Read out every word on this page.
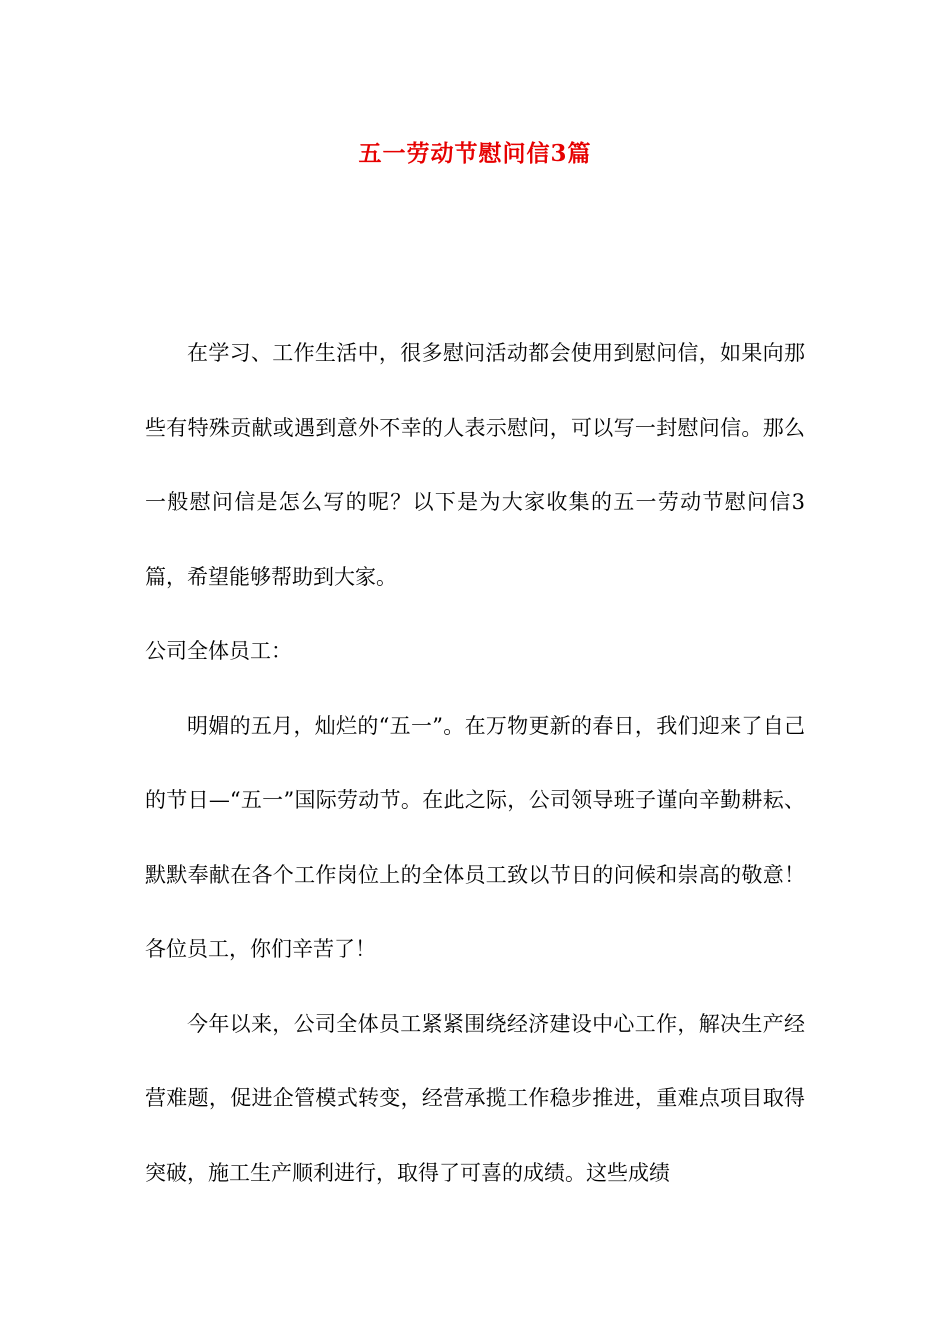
五一劳动节慰问信3篇

在学习、工作生活中，很多慰问活动都会使用到慰问信，如果向那些有特殊贡献或遇到意外不幸的人表示慰问，可以写一封慰问信。那么一般慰问信是怎么写的呢？以下是为大家收集的五一劳动节慰问信3篇，希望能够帮助到大家。

公司全体员工：

明媚的五月，灿烂的“五一”。在万物更新的春日，我们迎来了自己的节日—“五一”国际劳动节。在此之际，公司领导班子谨向辛勤耕耘、默默奉献在各个工作岗位上的全体员工致以节日的问候和崇高的敬意！各位员工，你们辛苦了！

今年以来，公司全体员工紧紧围绕经济建设中心工作，解决生产经营难题，促进企管模式转变，经营承揽工作稳步推进，重难点项目取得突破，施工生产顺利进行，取得了可喜的成绩。这些成绩
